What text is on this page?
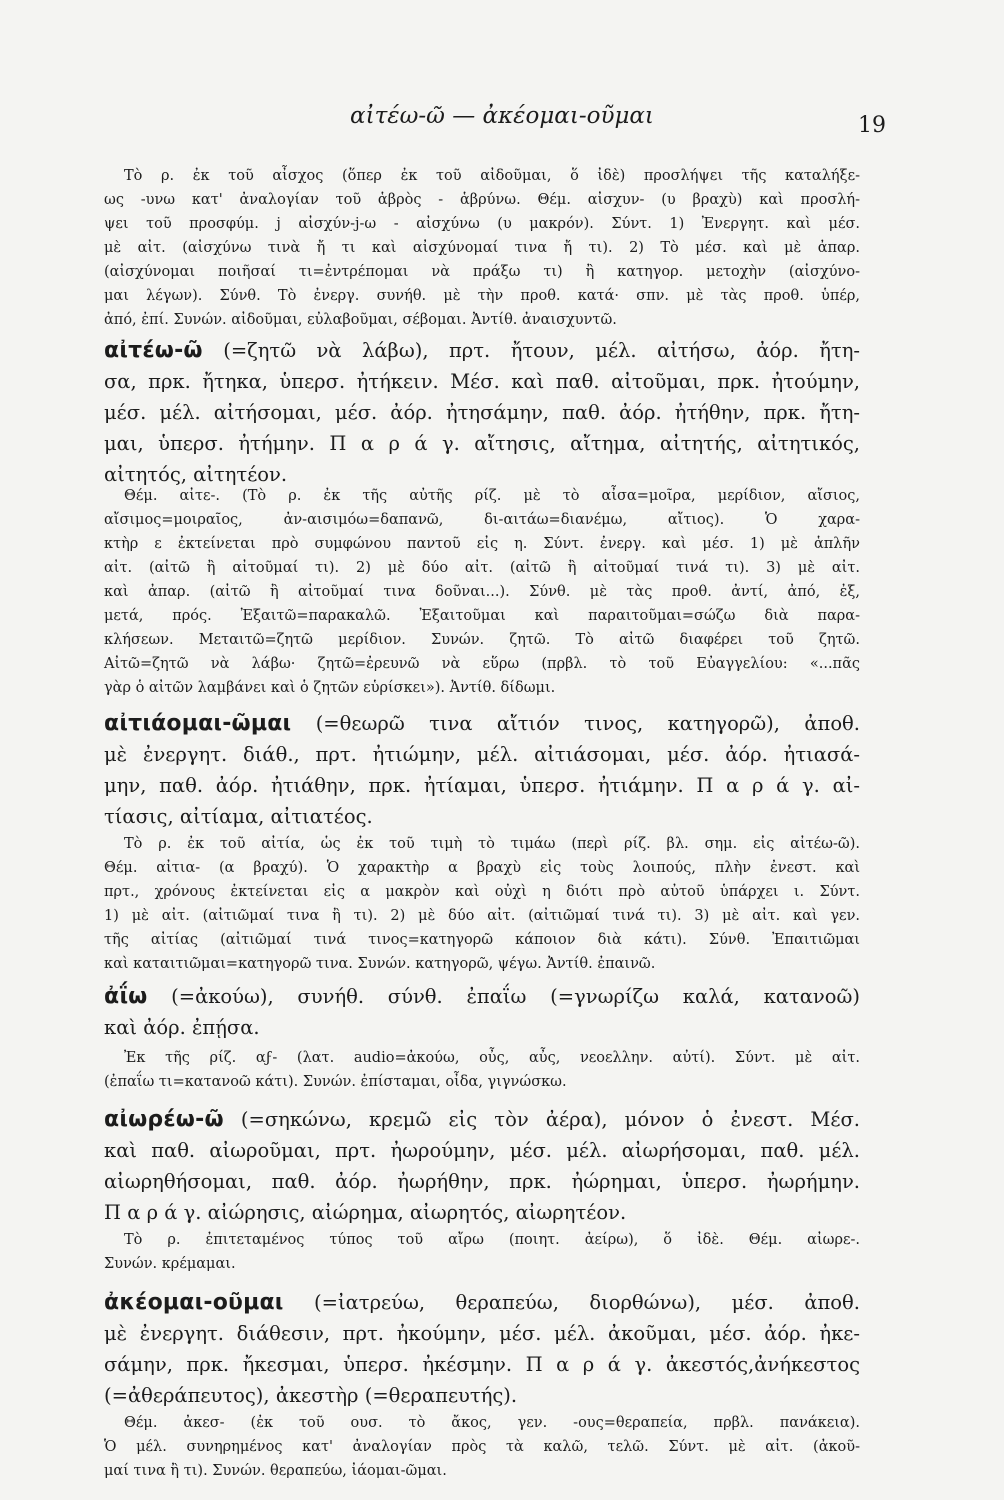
αἰτέω-ῶ — ἀκέομαι-οῦμαι	19
Τὸ ρ. ἐκ τοῦ αἶσχος (ὅπερ ἐκ τοῦ αἰδοῦμαι, ὅ ἰδὲ) προσλήψει τῆς καταλήξε-
ως -υνω κατ' ἀναλογίαν τοῦ ἁβρὸς - ἁβρύνω. Θέμ. αἰσχυν- (υ βραχὺ) καὶ προσλή-
ψει τοῦ προσφύμ. j αἰσχύν-j-ω - αἰσχύνω (υ μακρόν). Σύντ. 1) Ἐνεργητ. καὶ μέσ.
μὲ αἰτ. (αἰσχύνω τινὰ ἤ τι καὶ αἰσχύνομαί τινα ἤ τι). 2) Τὸ μέσ. καὶ μὲ ἀπαρ.
(αἰσχύνομαι ποιῆσαί τι=ἐντρέπομαι νὰ πράξω τι) ἢ κατηγορ. μετοχὴν (αἰσχύνο-
μαι λέγων). Σύνθ. Τὸ ἐνεργ. συνήθ. μὲ τὴν προθ. κατά· σπν. μὲ τὰς προθ. ὑπέρ,
ἀπό, ἐπί. Συνών. αἰδοῦμαι, εὐλαβοῦμαι, σέβομαι. Ἀντίθ. ἀναισχυντῶ.
αἰτέω-ῶ (=ζητῶ νὰ λάβω), πρτ. ἤτουν, μέλ. αἰτήσω, ἀόρ. ἤτη-
σα, πρκ. ἤτηκα, ὑπερσ. ἠτήκειν. Μέσ. καὶ παθ. αἰτοῦμαι, πρκ. ἠτούμην,
μέσ. μέλ. αἰτήσομαι, μέσ. ἀόρ. ἠτησάμην, παθ. ἀόρ. ἠτήθην, πρκ. ἤτη-
μαι, ὑπερσ. ἠτήμην. Π α ρ ά γ. αἴτησις, αἴτημα, αἰτητής, αἰτητικός,
αἰτητός, αἰτητέον.
Θέμ. αἰτε-. (Τὸ ρ. ἐκ τῆς αὐτῆς ρίζ. μὲ τὸ αἶσα=μοῖρα, μερίδιον, αἴσιος,
αἴσιμος=μοιραῖος, ἀν-αισιμόω=δαπανῶ, δι-αιτάω=διανέμω, αἴτιος). Ὁ χαρα-
κτὴρ ε ἐκτείνεται πρὸ συμφώνου παντοῦ εἰς η. Σύντ. ἐνεργ. καὶ μέσ. 1) μὲ ἁπλῆν
αἰτ. (αἰτῶ ἢ αἰτοῦμαί τι). 2) μὲ δύο αἰτ. (αἰτῶ ἢ αἰτοῦμαί τινά τι). 3) μὲ αἰτ.
καὶ ἀπαρ. (αἰτῶ ἢ αἰτοῦμαί τινα δοῦναι...). Σύνθ. μὲ τὰς προθ. ἀντί, ἀπό, ἐξ,
μετά, πρός. Ἐξαιτῶ=παρακαλῶ. Ἐξαιτοῦμαι καὶ παραιτοῦμαι=σώζω διὰ παρα-
κλήσεων. Μεταιτῶ=ζητῶ μερίδιον. Συνών. ζητῶ. Τὸ αἰτῶ διαφέρει τοῦ ζητῶ.
Αἰτῶ=ζητῶ νὰ λάβω· ζητῶ=ἐρευνῶ νὰ εὕρω (πρβλ. τὸ τοῦ Εὐαγγελίου: «...πᾶς
γὰρ ὁ αἰτῶν λαμβάνει καὶ ὁ ζητῶν εὑρίσκει»). Ἀντίθ. δίδωμι.
αἰτιάομαι-ῶμαι (=θεωρῶ τινα αἴτιόν τινος, κατηγορῶ), ἀποθ.
μὲ ἐνεργητ. διάθ., πρτ. ἠτιώμην, μέλ. αἰτιάσομαι, μέσ. ἀόρ. ἠτιασά-
μην, παθ. ἀόρ. ἠτιάθην, πρκ. ἠτίαμαι, ὑπερσ. ἠτιάμην. Π α ρ ά γ. αἰ-
τίασις, αἰτίαμα, αἰτιατέος.
Τὸ ρ. ἐκ τοῦ αἰτία, ὡς ἐκ τοῦ τιμὴ τὸ τιμάω (περὶ ρίζ. βλ. σημ. εἰς αἰτέω-ῶ).
Θέμ. αἰτια- (α βραχύ). Ὁ χαρακτὴρ α βραχὺ εἰς τοὺς λοιπούς, πλὴν ἐνεστ. καὶ
πρτ., χρόνους ἐκτείνεται εἰς α μακρὸν καὶ οὐχὶ η διότι πρὸ αὐτοῦ ὑπάρχει ι. Σύντ.
1) μὲ αἰτ. (αἰτιῶμαί τινα ἢ τι). 2) μὲ δύο αἰτ. (αἰτιῶμαί τινά τι). 3) μὲ αἰτ. καὶ γεν.
τῆς αἰτίας (αἰτιῶμαί τινά τινος=κατηγορῶ κάποιον διὰ κάτι). Σύνθ. Ἐπαιτιῶμαι
καὶ καταιτιῶμαι=κατηγορῶ τινα. Συνών. κατηγορῶ, ψέγω. Ἀντίθ. ἐπαινῶ.
ἀΐω (=ἀκούω), συνήθ. σύνθ. ἐπαΐω (=γνωρίζω καλά, κατανοῶ)
καὶ ἀόρ. ἐπῄσα.
Ἐκ τῆς ρίζ. αϝ- (λατ. audio=ἀκούω, οὖς, αὖς, νεοελλην. αὐτί). Σύντ. μὲ αἰτ.
(ἐπαΐω τι=κατανοῶ κάτι). Συνών. ἐπίσταμαι, οἶδα, γιγνώσκω.
αἰωρέω-ῶ (=σηκώνω, κρεμῶ εἰς τὸν ἀέρα), μόνον ὁ ἐνεστ. Μέσ.
καὶ παθ. αἰωροῦμαι, πρτ. ἠωρούμην, μέσ. μέλ. αἰωρήσομαι, παθ. μέλ.
αἰωρηθήσομαι, παθ. ἀόρ. ἠωρήθην, πρκ. ἠώρημαι, ὑπερσ. ἠωρήμην.
Π α ρ ά γ. αἰώρησις, αἰώρημα, αἰωρητός, αἰωρητέον.
Τὸ ρ. ἐπιτεταμένος τύπος τοῦ αἴρω (ποιητ. ἀείρω), ὅ ἰδὲ. Θέμ. αἰωρε-.
Συνών. κρέμαμαι.
ἀκέομαι-οῦμαι (=ἰατρεύω, θεραπεύω, διορθώνω), μέσ. ἀποθ.
μὲ ἐνεργητ. διάθεσιν, πρτ. ἠκούμην, μέσ. μέλ. ἀκοῦμαι, μέσ. ἀόρ. ἠκε-
σάμην, πρκ. ἤκεσμαι, ὑπερσ. ἠκέσμην. Π α ρ ά γ. ἀκεστός,ἀνήκεστος
(=ἀθεράπευτος), ἀκεστὴρ (=θεραπευτής).
Θέμ. ἀκεσ- (ἐκ τοῦ ουσ. τὸ ἄκος, γεν. -ους=θεραπεία, πρβλ. πανάκεια).
Ὁ μέλ. συνηρημένος κατ' ἀναλογίαν πρὸς τὰ καλῶ, τελῶ. Σύντ. μὲ αἰτ. (ἀκοῦ-
μαί τινα ἢ τι). Συνών. θεραπεύω, ἰάομαι-ῶμαι.
